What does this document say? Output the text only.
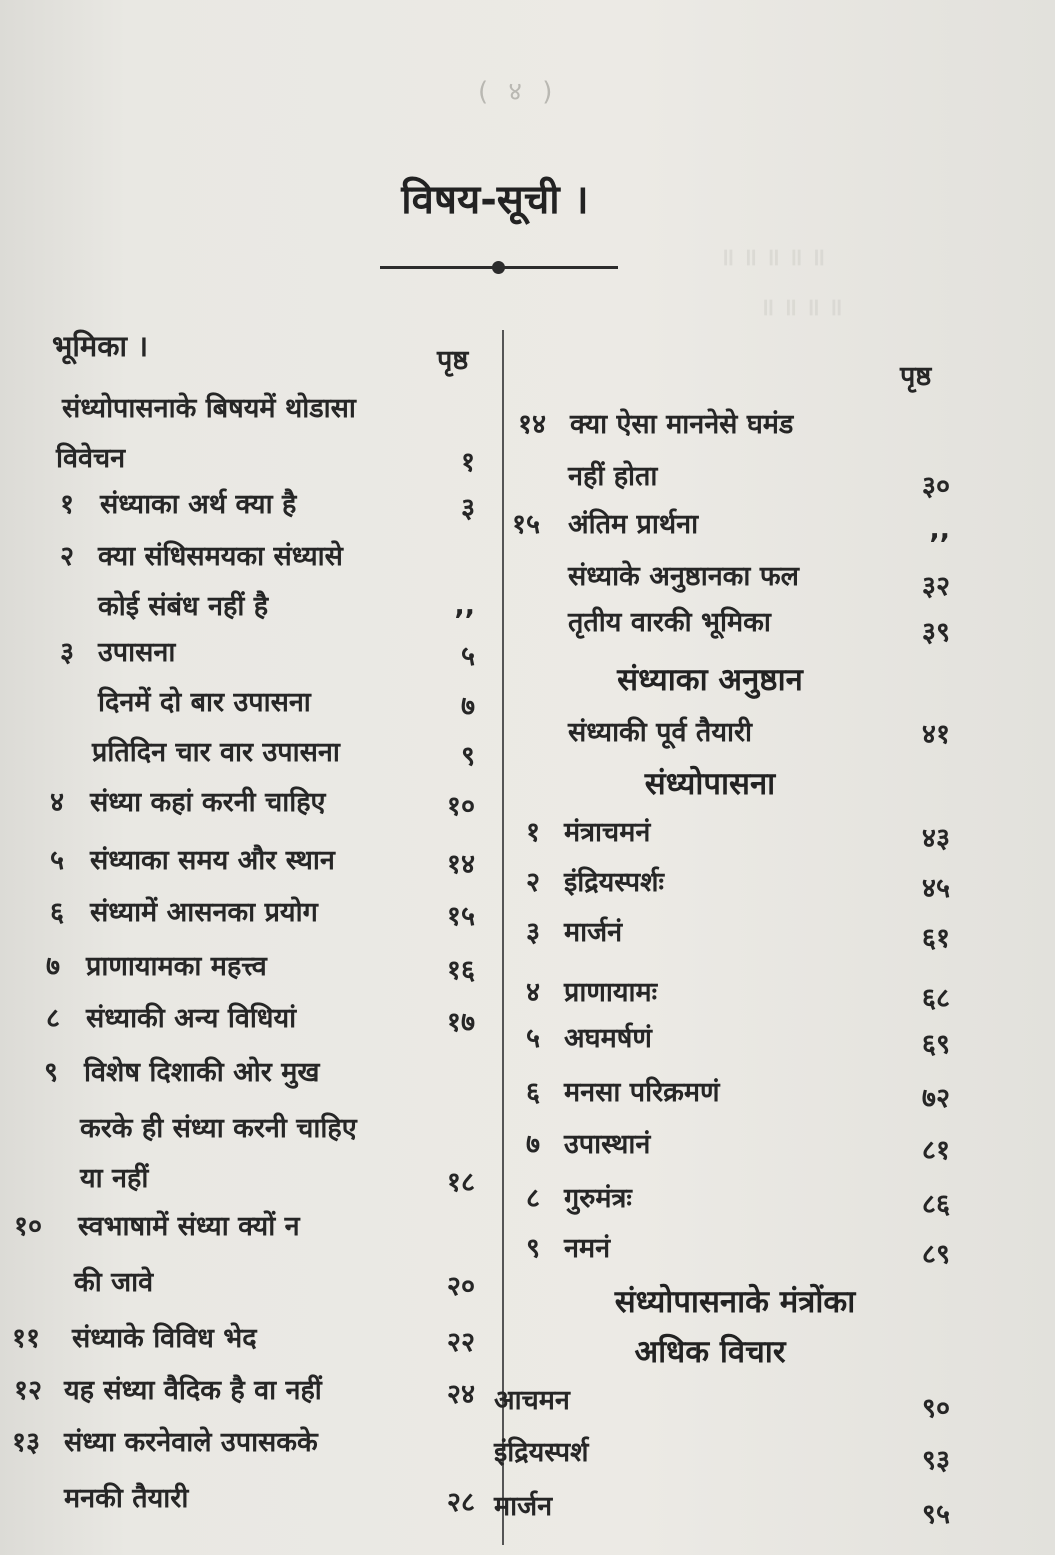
॥ ॥ ॥ ॥ ॥
॥ ॥ ॥ ॥
( ४ )
विषय-सूची ।
भूमिका ।	पृष्ठ
संध्योपासनाके बिषयमें थोडासा
विवेचन	१
१ संध्याका अर्थ क्या है	३
२ क्या संधिसमयका संध्यासे
कोई संबंध नहीं है	,,
३ उपासना	५
दिनमें दो बार उपासना	७
प्रतिदिन चार वार उपासना	९
४ संध्या कहां करनी चाहिए	१०
५ संध्याका समय और स्थान	१४
६ संध्यामें आसनका प्रयोग	१५
७ प्राणायामका महत्त्व	१६
८ संध्याकी अन्य विधियां	१७
९ विशेष दिशाकी ओर मुख
करके ही संध्या करनी चाहिए
या नहीं	१८
१० स्वभाषामें संध्या क्यों न
की जावे	२०
११ संध्याके विविध भेद	२२
१२ यह संध्या वैदिक है वा नहीं	२४
१३ संध्या करनेवाले उपासकके
मनकी तैयारी	२८
पृष्ठ
१४ क्या ऐसा माननेसे घमंड
नहीं होता	३०
१५ अंतिम प्रार्थना	,,
संध्याके अनुष्ठानका फल	३२
तृतीय वारकी भूमिका	३९
संध्याका अनुष्ठान
संध्याकी पूर्व तैयारी	४१
संध्योपासना
१ मंत्राचमनं	४३
२ इंद्रियस्पर्शः	४५
३ मार्जनं	६१
४ प्राणायामः	६८
५ अघमर्षणं	६९
६ मनसा परिक्रमणं	७२
७ उपास्थानं	८१
८ गुरुमंत्रः	८६
९ नमनं	८९
संध्योपासनाके मंत्रोंका
अधिक विचार
आचमन	९०
इंद्रियस्पर्श	९३
मार्जन	९५
